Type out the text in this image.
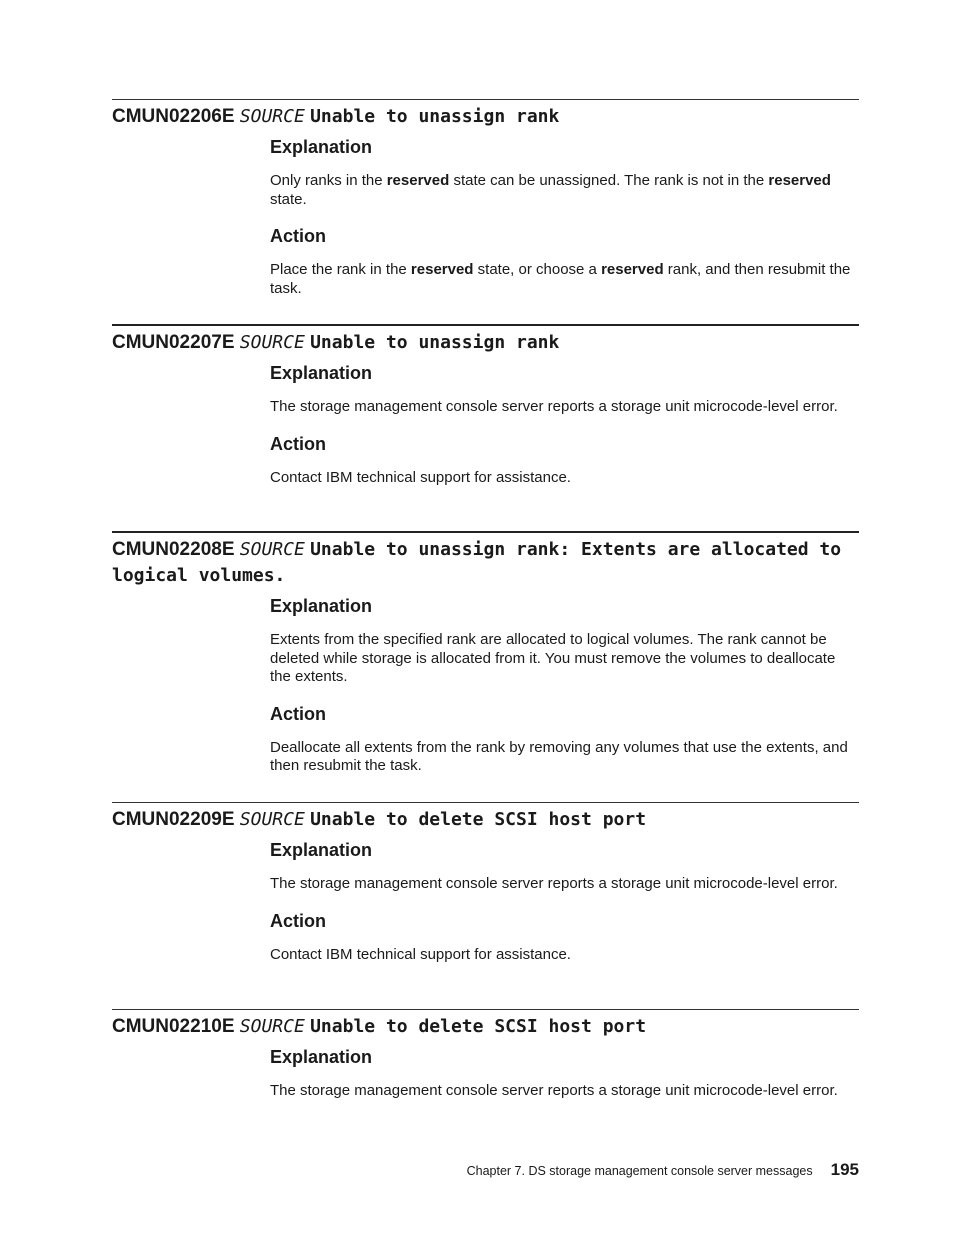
CMUN02206E SOURCE Unable to unassign rank
Explanation
Only ranks in the reserved state can be unassigned. The rank is not in the reserved state.
Action
Place the rank in the reserved state, or choose a reserved rank, and then resubmit the task.
CMUN02207E SOURCE Unable to unassign rank
Explanation
The storage management console server reports a storage unit microcode-level error.
Action
Contact IBM technical support for assistance.
CMUN02208E SOURCE Unable to unassign rank: Extents are allocated to logical volumes.
Explanation
Extents from the specified rank are allocated to logical volumes. The rank cannot be deleted while storage is allocated from it. You must remove the volumes to deallocate the extents.
Action
Deallocate all extents from the rank by removing any volumes that use the extents, and then resubmit the task.
CMUN02209E SOURCE Unable to delete SCSI host port
Explanation
The storage management console server reports a storage unit microcode-level error.
Action
Contact IBM technical support for assistance.
CMUN02210E SOURCE Unable to delete SCSI host port
Explanation
The storage management console server reports a storage unit microcode-level error.
Chapter 7. DS storage management console server messages 195
